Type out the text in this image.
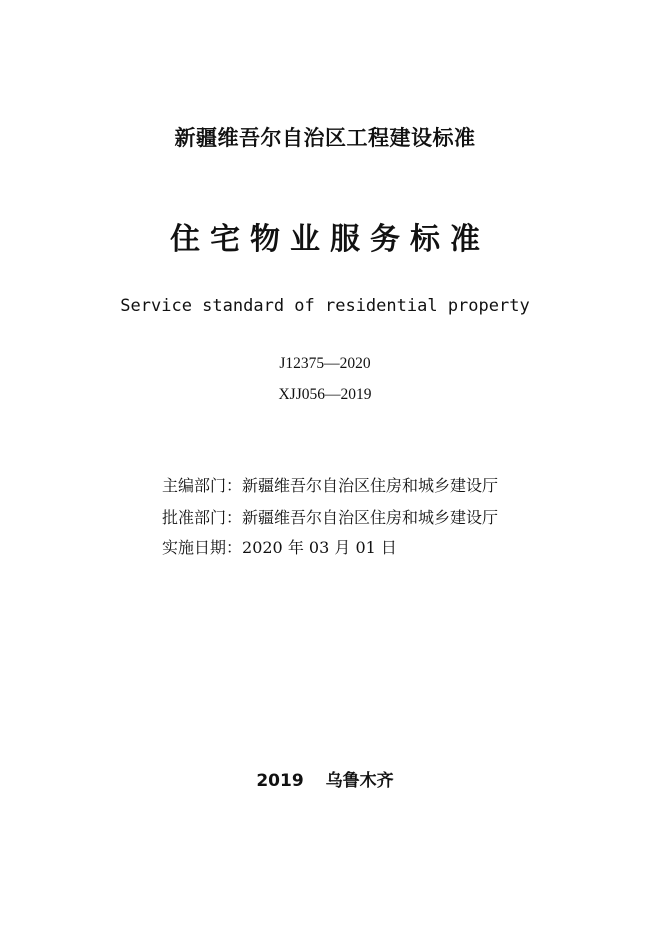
新疆维吾尔自治区工程建设标准
住宅物业服务标准
Service standard of residential property
J12375—2020
XJJ056—2019
主编部门：新疆维吾尔自治区住房和城乡建设厅
批准部门：新疆维吾尔自治区住房和城乡建设厅
实施日期：2020 年 03 月 01 日
2019 乌鲁木齐
